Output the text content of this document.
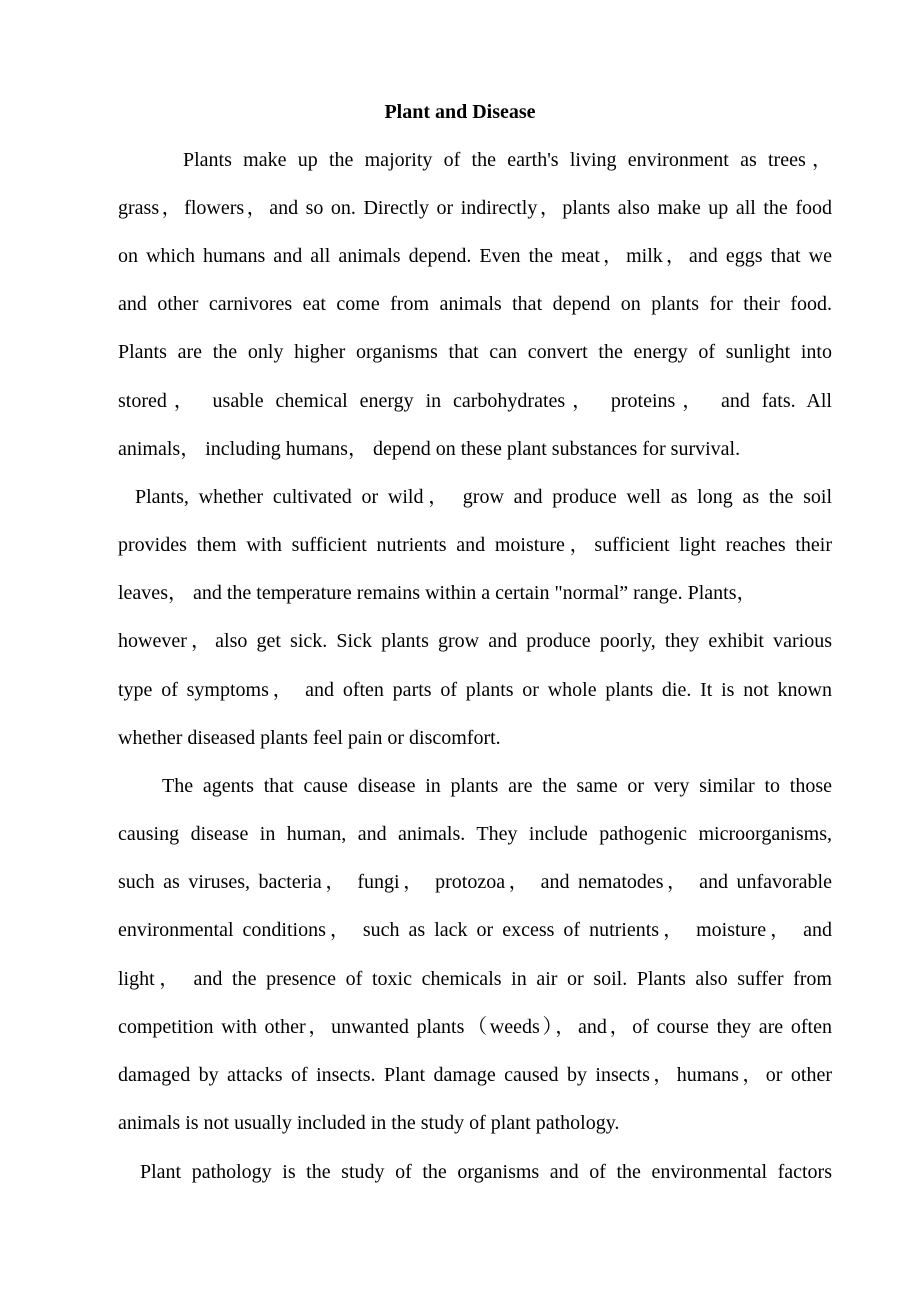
Plant and Disease
Plants make up the majority of the earth's living environment as trees，
grass，flowers，and so on. Directly or indirectly，plants also make up all the food
on which humans and all animals depend. Even the meat，milk，and eggs that we
and other carnivores eat come from animals that depend on plants for their food.
Plants are the only higher organisms that can convert the energy of sunlight into
stored， usable chemical energy in carbohydrates， proteins， and fats. All
animals， including humans， depend on these plant substances for survival.
Plants, whether cultivated or wild， grow and produce well as long as the soil
provides them with sufficient nutrients and moisture，sufficient light reaches their
leaves， and the temperature remains within a certain "normal” range. Plants，
however，also get sick. Sick plants grow and produce poorly, they exhibit various
type of symptoms， and often parts of plants or whole plants die. It is not known
whether diseased plants feel pain or discomfort.
The agents that cause disease in plants are the same or very similar to those
causing disease in human, and animals. They include pathogenic microorganisms,
such as viruses, bacteria， fungi， protozoa， and nematodes， and unfavorable
environmental conditions， such as lack or excess of nutrients， moisture， and
light， and the presence of toxic chemicals in air or soil. Plants also suffer from
competition with other，unwanted plants（weeds），and，of course they are often
damaged by attacks of insects. Plant damage caused by insects，humans，or other
animals is not usually included in the study of plant pathology.
Plant pathology is the study of the organisms and of the environmental factors
